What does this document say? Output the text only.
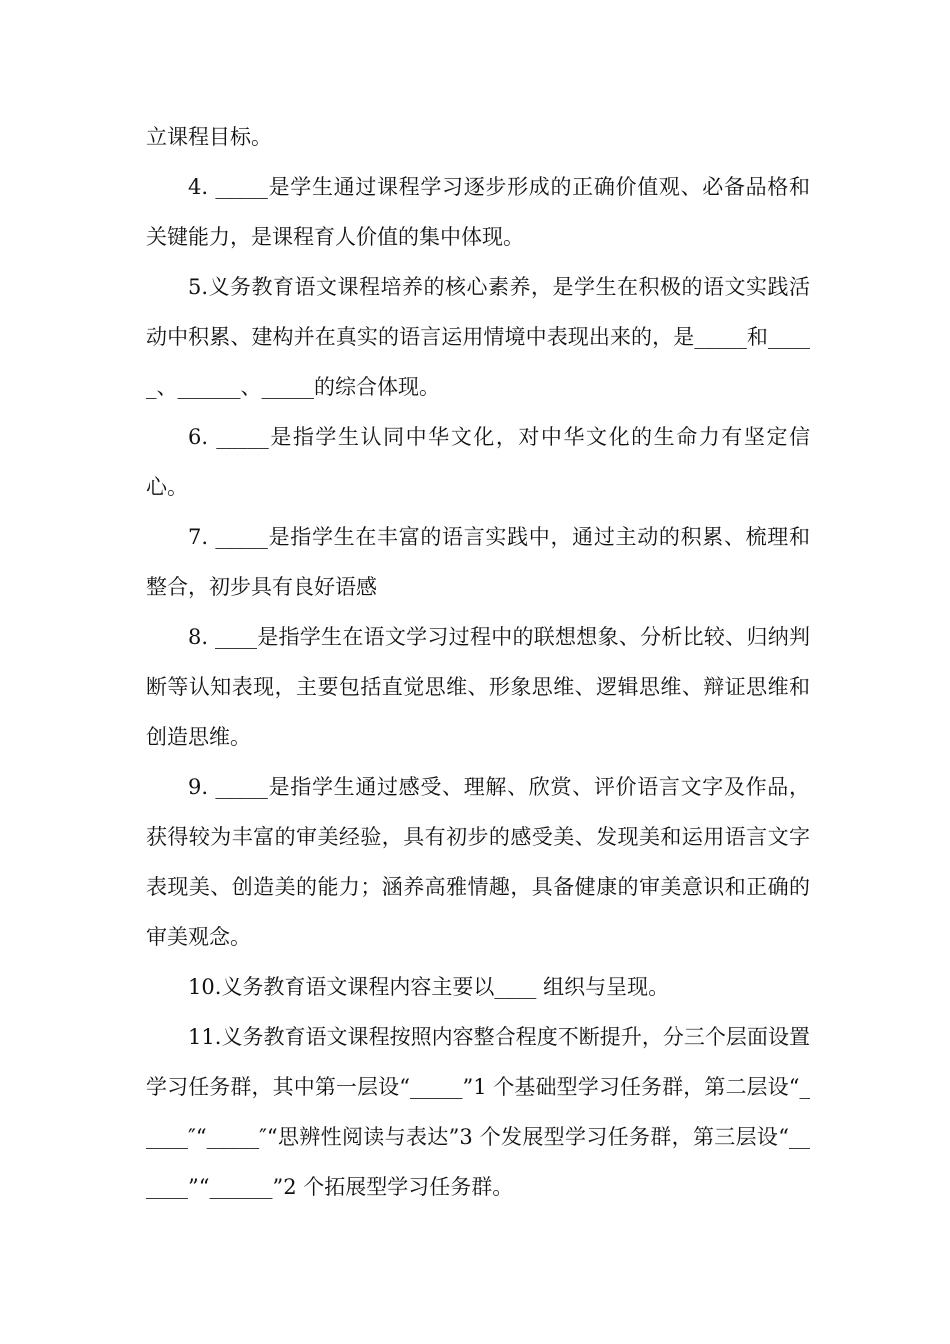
立课程目标。

4. _____是学生通过课程学习逐步形成的正确价值观、必备品格和关键能力，是课程育人价值的集中体现。

5.义务教育语文课程培养的核心素养，是学生在积极的语文实践活动中积累、建构并在真实的语言运用情境中表现出来的，是_____和_____、______、_____的综合体现。

6. _____是指学生认同中华文化，对中华文化的生命力有坚定信心。

7. _____是指学生在丰富的语言实践中，通过主动的积累、梳理和整合，初步具有良好语感

8. ____是指学生在语文学习过程中的联想想象、分析比较、归纳判断等认知表现，主要包括直觉思维、形象思维、逻辑思维、辩证思维和创造思维。

9. _____是指学生通过感受、理解、欣赏、评价语言文字及作品，获得较为丰富的审美经验，具有初步的感受美、发现美和运用语言文字表现美、创造美的能力；涵养高雅情趣，具备健康的审美意识和正确的审美观念。

10.义务教育语文课程内容主要以____ 组织与呈现。

11.义务教育语文课程按照内容整合程度不断提升，分三个层面设置学习任务群，其中第一层设“_____”1 个基础型学习任务群，第二层设“_____″“_____″“思辨性阅读与表达”3 个发展型学习任务群，第三层设“______”“______”2 个拓展型学习任务群。
